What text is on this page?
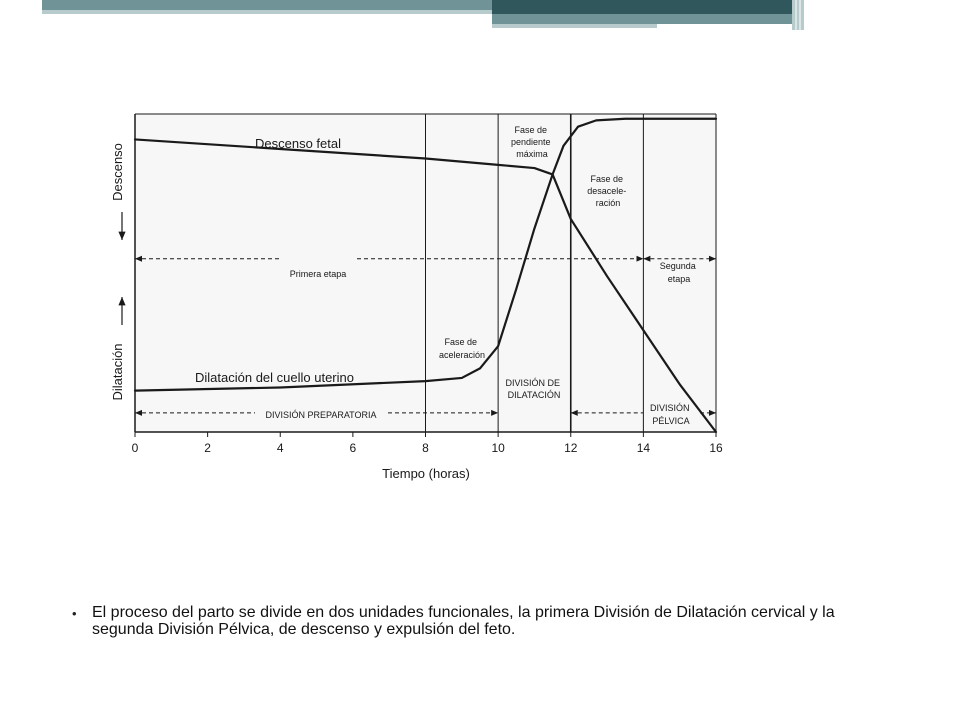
Tiempo (horas)
Descenso
Dilatación
0	2	4	6	8	10	12	14	16
Descenso fetal
Dilatación del cuello uterino
Fase de pendiente máxima
Fase de desacele- ración
Fase de aceleración
Segunda etapa
Primera etapa
DIVISIÓN PREPARATORIA
DIVISIÓN DE DILATACIÓN
DIVISIÓN PÉLVICA
• El proceso del parto se divide en dos unidades funcionales, la primera División de Dilatación cervical y la segunda División Pélvica, de descenso y expulsión del feto.
